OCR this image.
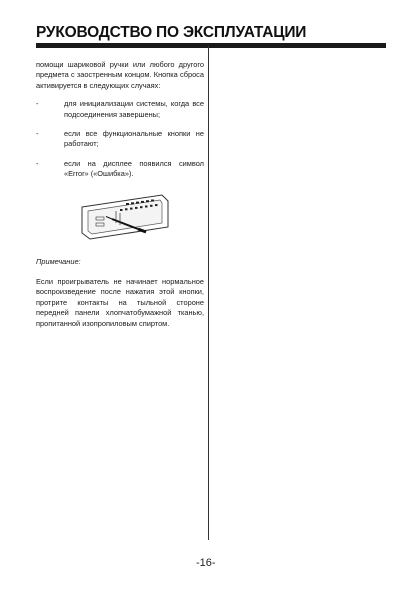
РУКОВОДСТВО ПО ЭКСПЛУАТАЦИИ

помощи шариковой ручки или любого другого предмета с заостренным концом. Кнопка сброса активируется в следующих случаях:

-	для инициализации системы, когда все подсоединения завершены;
-	если все функциональные кнопки не работают;
-	если на дисплее появился символ «Error» («Ошибка»).

Примечание:

Если проигрыватель не начинает нормальное воспроизведение после нажатия этой кнопки, протрите контакты на тыльной стороне передней панели хлопчатобумажной тканью, пропитанной изопропиловым спиртом.

-16-
